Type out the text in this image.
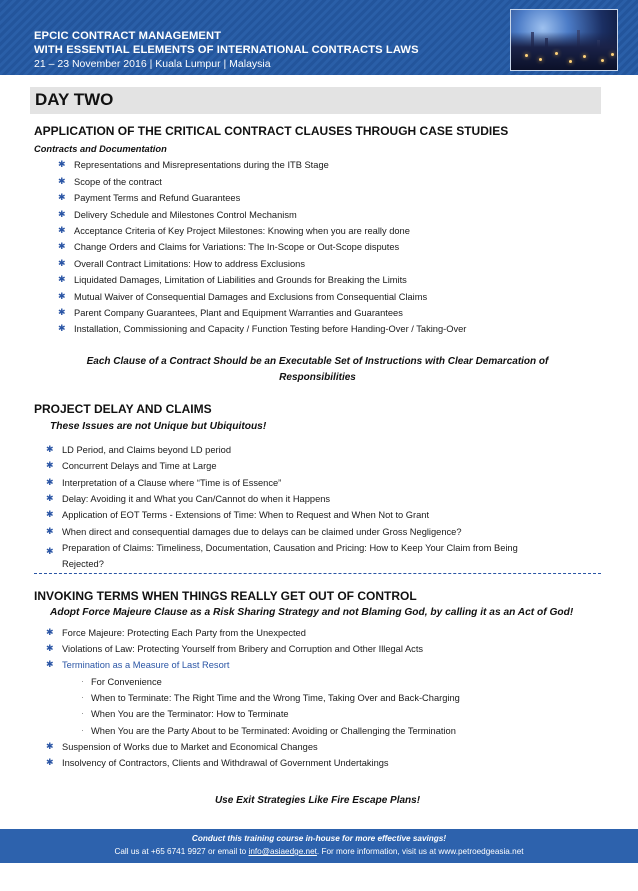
EPCIC CONTRACT MANAGEMENT
WITH ESSENTIAL ELEMENTS OF INTERNATIONAL CONTRACTS LAWS
21 – 23 November 2016 | Kuala Lumpur | Malaysia
DAY TWO
APPLICATION OF THE CRITICAL CONTRACT CLAUSES THROUGH CASE STUDIES
Contracts and Documentation
✱ Representations and Misrepresentations during the ITB Stage
✱ Scope of the contract
✱ Payment Terms and Refund Guarantees
✱ Delivery Schedule and Milestones Control Mechanism
✱ Acceptance Criteria of Key Project Milestones: Knowing when you are really done
✱ Change Orders and Claims for Variations: The In-Scope or Out-Scope disputes
✱ Overall Contract Limitations: How to address Exclusions
✱ Liquidated Damages, Limitation of Liabilities and Grounds for Breaking the Limits
✱ Mutual Waiver of Consequential Damages and Exclusions from Consequential Claims
✱ Parent Company Guarantees, Plant and Equipment Warranties and Guarantees
✱ Installation, Commissioning and Capacity / Function Testing before Handing-Over / Taking-Over
Each Clause of a Contract Should be an Executable Set of Instructions with Clear Demarcation of
Responsibilities
PROJECT DELAY AND CLAIMS
These Issues are not Unique but Ubiquitous!
✱ LD Period, and Claims beyond LD period
✱ Concurrent Delays and Time at Large
✱ Interpretation of a Clause where “Time is of Essence”
✱ Delay: Avoiding it and What you Can/Cannot do when it Happens
✱ Application of EOT Terms - Extensions of Time: When to Request and When Not to Grant
✱ When direct and consequential damages due to delays can be claimed under Gross Negligence?
✱ Preparation of Claims: Timeliness, Documentation, Causation and Pricing: How to Keep Your Claim from Being Rejected?
INVOKING TERMS WHEN THINGS REALLY GET OUT OF CONTROL
Adopt Force Majeure Clause as a Risk Sharing Strategy and not Blaming God, by calling it as an Act of God!
✱ Force Majeure: Protecting Each Party from the Unexpected
✱ Violations of Law: Protecting Yourself from Bribery and Corruption and Other Illegal Acts
✱ Termination as a Measure of Last Resort
· For Convenience
· When to Terminate: The Right Time and the Wrong Time, Taking Over and Back-Charging
· When You are the Terminator: How to Terminate
· When You are the Party About to be Terminated: Avoiding or Challenging the Termination
✱ Suspension of Works due to Market and Economical Changes
✱ Insolvency of Contractors, Clients and Withdrawal of Government Undertakings
Use Exit Strategies Like Fire Escape Plans!
Conduct this training course in-house for more effective savings!
Call us at +65 6741 9927 or email to info@asiaedge.net. For more information, visit us at www.petroedgeasia.net
